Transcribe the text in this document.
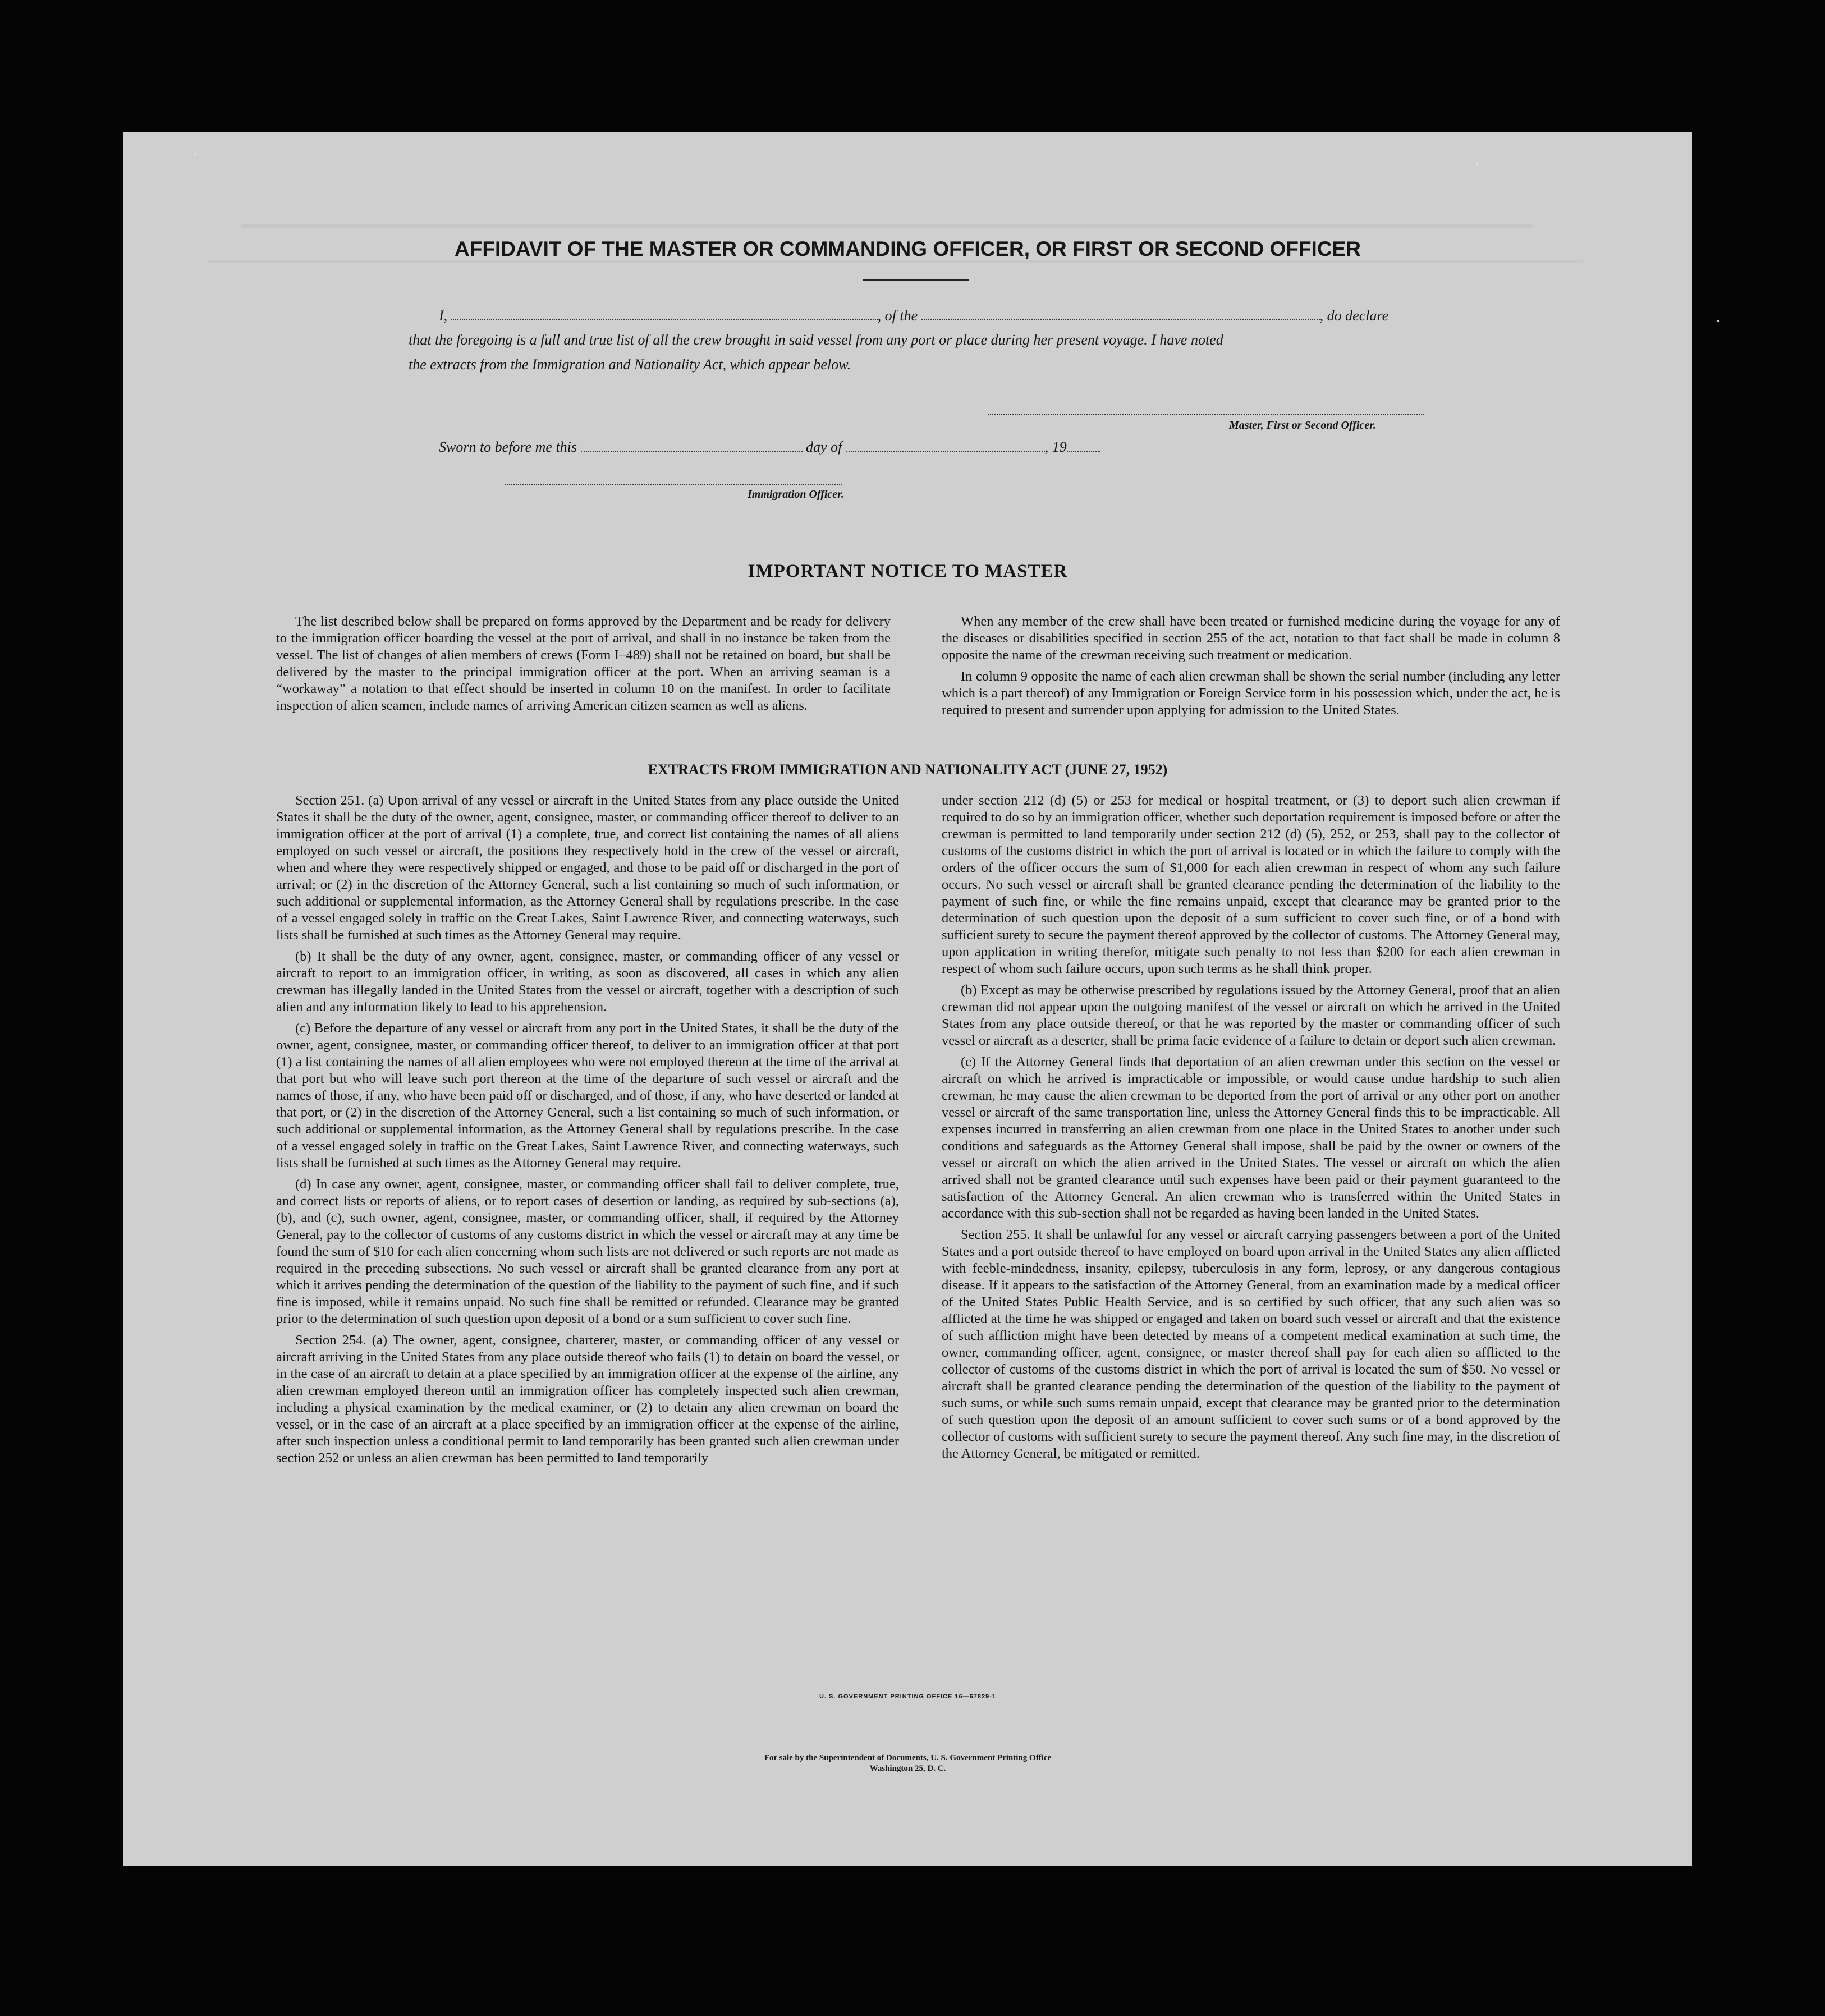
AFFIDAVIT OF THE MASTER OR COMMANDING OFFICER, OR FIRST OR SECOND OFFICER
I,	, of the	, do declare
that the foregoing is a full and true list of all the crew brought in said vessel from any port or place during her present voyage. I have noted
the extracts from the Immigration and Nationality Act, which appear below.
Master, First or Second Officer.
Sworn to before me this	day of	, 19
Immigration Officer.
IMPORTANT NOTICE TO MASTER

The list described below shall be prepared on forms approved by the Department and be ready for delivery to the immigration officer boarding the vessel at the port of arrival, and shall in no instance be taken from the vessel. The list of changes of alien members of crews (Form I–489) shall not be retained on board, but shall be delivered by the master to the principal immigration officer at the port. When an arriving seaman is a “workaway” a notation to that effect should be inserted in column 10 on the manifest. In order to facilitate inspection of alien seamen, include names of arriving American citizen seamen as well as aliens.

When any member of the crew shall have been treated or furnished medicine during the voyage for any of the diseases or disabilities specified in section 255 of the act, notation to that fact shall be made in column 8 opposite the name of the crewman receiving such treatment or medication.

In column 9 opposite the name of each alien crewman shall be shown the serial number (including any letter which is a part thereof) of any Immigration or Foreign Service form in his possession which, under the act, he is required to present and surrender upon applying for admission to the United States.

EXTRACTS FROM IMMIGRATION AND NATIONALITY ACT (JUNE 27, 1952)

Section 251. (a) Upon arrival of any vessel or aircraft in the United States from any place outside the United States it shall be the duty of the owner, agent, consignee, master, or commanding officer thereof to deliver to an immigration officer at the port of arrival (1) a complete, true, and correct list containing the names of all aliens employed on such vessel or aircraft, the positions they respectively hold in the crew of the vessel or aircraft, when and where they were respectively shipped or engaged, and those to be paid off or discharged in the port of arrival; or (2) in the discretion of the Attorney General, such a list containing so much of such information, or such additional or supplemental information, as the Attorney General shall by regulations prescribe. In the case of a vessel engaged solely in traffic on the Great Lakes, Saint Lawrence River, and connecting waterways, such lists shall be furnished at such times as the Attorney General may require.

(b) It shall be the duty of any owner, agent, consignee, master, or commanding officer of any vessel or aircraft to report to an immigration officer, in writing, as soon as discovered, all cases in which any alien crewman has illegally landed in the United States from the vessel or aircraft, together with a description of such alien and any information likely to lead to his apprehension.

(c) Before the departure of any vessel or aircraft from any port in the United States, it shall be the duty of the owner, agent, consignee, master, or commanding officer thereof, to deliver to an immigration officer at that port (1) a list containing the names of all alien employees who were not employed thereon at the time of the arrival at that port but who will leave such port thereon at the time of the departure of such vessel or aircraft and the names of those, if any, who have been paid off or discharged, and of those, if any, who have deserted or landed at that port, or (2) in the discretion of the Attorney General, such a list containing so much of such information, or such additional or supplemental information, as the Attorney General shall by regulations prescribe. In the case of a vessel engaged solely in traffic on the Great Lakes, Saint Lawrence River, and connecting waterways, such lists shall be furnished at such times as the Attorney General may require.

(d) In case any owner, agent, consignee, master, or commanding officer shall fail to deliver complete, true, and correct lists or reports of aliens, or to report cases of desertion or landing, as required by sub-sections (a), (b), and (c), such owner, agent, consignee, master, or commanding officer, shall, if required by the Attorney General, pay to the collector of customs of any customs district in which the vessel or aircraft may at any time be found the sum of $10 for each alien concerning whom such lists are not delivered or such reports are not made as required in the preceding subsections. No such vessel or aircraft shall be granted clearance from any port at which it arrives pending the determination of the question of the liability to the payment of such fine, and if such fine is imposed, while it remains unpaid. No such fine shall be remitted or refunded. Clearance may be granted prior to the determination of such question upon deposit of a bond or a sum sufficient to cover such fine.

Section 254. (a) The owner, agent, consignee, charterer, master, or commanding officer of any vessel or aircraft arriving in the United States from any place outside thereof who fails (1) to detain on board the vessel, or in the case of an aircraft to detain at a place specified by an immigration officer at the expense of the airline, any alien crewman employed thereon until an immigration officer has completely inspected such alien crewman, including a physical examination by the medical examiner, or (2) to detain any alien crewman on board the vessel, or in the case of an aircraft at a place specified by an immigration officer at the expense of the airline, after such inspection unless a conditional permit to land temporarily has been granted such alien crewman under section 252 or unless an alien crewman has been permitted to land temporarily

under section 212 (d) (5) or 253 for medical or hospital treatment, or (3) to deport such alien crewman if required to do so by an immigration officer, whether such deportation requirement is imposed before or after the crewman is permitted to land temporarily under section 212 (d) (5), 252, or 253, shall pay to the collector of customs of the customs district in which the port of arrival is located or in which the failure to comply with the orders of the officer occurs the sum of $1,000 for each alien crewman in respect of whom any such failure occurs. No such vessel or aircraft shall be granted clearance pending the determination of the liability to the payment of such fine, or while the fine remains unpaid, except that clearance may be granted prior to the determination of such question upon the deposit of a sum sufficient to cover such fine, or of a bond with sufficient surety to secure the payment thereof approved by the collector of customs. The Attorney General may, upon application in writing therefor, mitigate such penalty to not less than $200 for each alien crewman in respect of whom such failure occurs, upon such terms as he shall think proper.

(b) Except as may be otherwise prescribed by regulations issued by the Attorney General, proof that an alien crewman did not appear upon the outgoing manifest of the vessel or aircraft on which he arrived in the United States from any place outside thereof, or that he was reported by the master or commanding officer of such vessel or aircraft as a deserter, shall be prima facie evidence of a failure to detain or deport such alien crewman.

(c) If the Attorney General finds that deportation of an alien crewman under this section on the vessel or aircraft on which he arrived is impracticable or impossible, or would cause undue hardship to such alien crewman, he may cause the alien crewman to be deported from the port of arrival or any other port on another vessel or aircraft of the same transportation line, unless the Attorney General finds this to be impracticable. All expenses incurred in transferring an alien crewman from one place in the United States to another under such conditions and safeguards as the Attorney General shall impose, shall be paid by the owner or owners of the vessel or aircraft on which the alien arrived in the United States. The vessel or aircraft on which the alien arrived shall not be granted clearance until such expenses have been paid or their payment guaranteed to the satisfaction of the Attorney General. An alien crewman who is transferred within the United States in accordance with this sub-section shall not be regarded as having been landed in the United States.

Section 255. It shall be unlawful for any vessel or aircraft carrying passengers between a port of the United States and a port outside thereof to have employed on board upon arrival in the United States any alien afflicted with feeble-mindedness, insanity, epilepsy, tuberculosis in any form, leprosy, or any dangerous contagious disease. If it appears to the satisfaction of the Attorney General, from an examination made by a medical officer of the United States Public Health Service, and is so certified by such officer, that any such alien was so afflicted at the time he was shipped or engaged and taken on board such vessel or aircraft and that the existence of such affliction might have been detected by means of a competent medical examination at such time, the owner, commanding officer, agent, consignee, or master thereof shall pay for each alien so afflicted to the collector of customs of the customs district in which the port of arrival is located the sum of $50. No vessel or aircraft shall be granted clearance pending the determination of the question of the liability to the payment of such sums, or while such sums remain unpaid, except that clearance may be granted prior to the determination of such question upon the deposit of an amount sufficient to cover such sums or of a bond approved by the collector of customs with sufficient surety to secure the payment thereof. Any such fine may, in the discretion of the Attorney General, be mitigated or remitted.

U. S. GOVERNMENT PRINTING OFFICE 16—67829-1
For sale by the Superintendent of Documents, U. S. Government Printing Office
Washington 25, D. C.
